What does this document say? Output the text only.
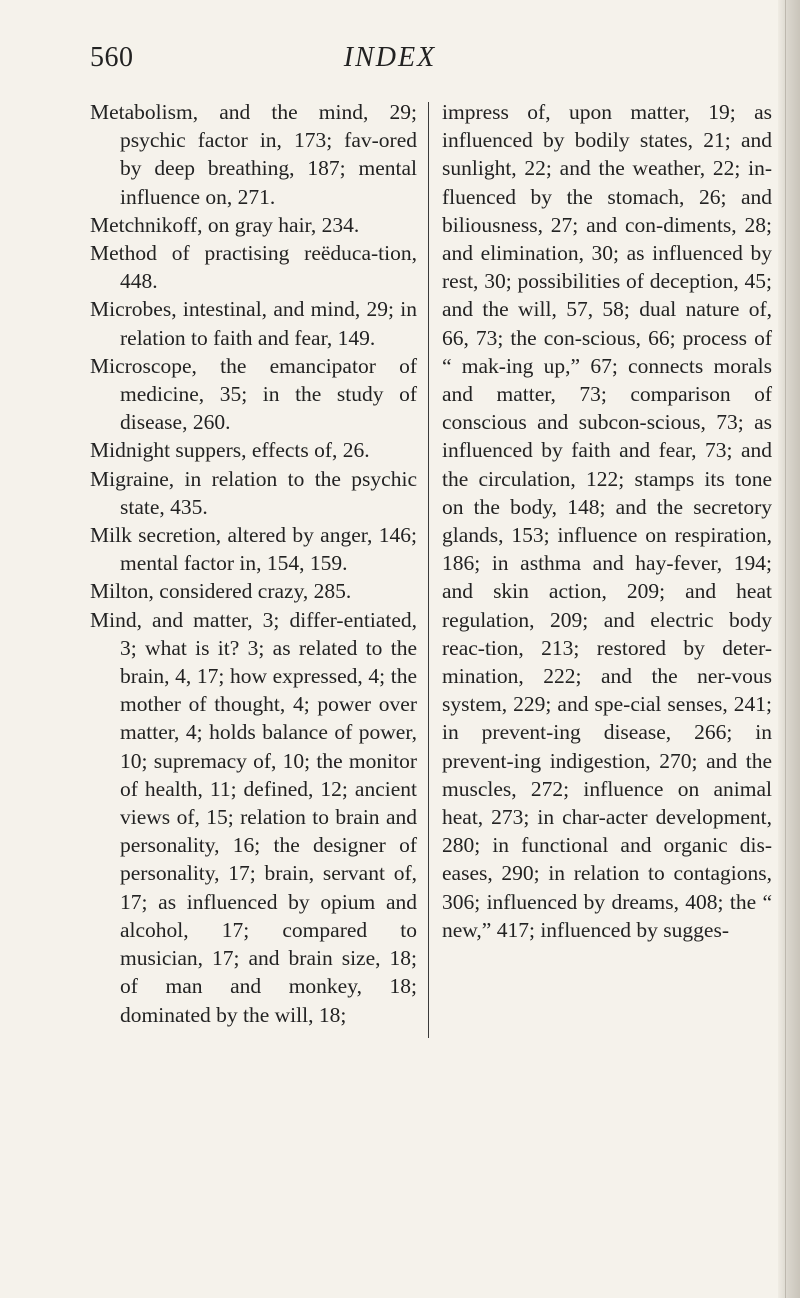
560	INDEX

Metabolism, and the mind, 29; psychic factor in, 173; fav-ored by deep breathing, 187; mental influence on, 271.

Metchnikoff, on gray hair, 234.

Method of practising reëduca-tion, 448.

Microbes, intestinal, and mind, 29; in relation to faith and fear, 149.

Microscope, the emancipator of medicine, 35; in the study of disease, 260.

Midnight suppers, effects of, 26.

Migraine, in relation to the psychic state, 435.

Milk secretion, altered by anger, 146; mental factor in, 154, 159.

Milton, considered crazy, 285.

Mind, and matter, 3; differ-entiated, 3; what is it? 3; as related to the brain, 4, 17; how expressed, 4; the mother of thought, 4; power over matter, 4; holds balance of power, 10; supremacy of, 10; the monitor of health, 11; defined, 12; ancient views of, 15; relation to brain and personality, 16; the designer of personality, 17; brain, servant of, 17; as influenced by opium and alcohol, 17; compared to musician, 17; and brain size, 18; of man and monkey, 18; dominated by the will, 18;

impress of, upon matter, 19; as influenced by bodily states, 21; and sunlight, 22; and the weather, 22; in-fluenced by the stomach, 26; and biliousness, 27; and con-diments, 28; and elimination, 30; as influenced by rest, 30; possibilities of deception, 45; and the will, 57, 58; dual nature of, 66, 73; the con-scious, 66; process of “ mak-ing up,” 67; connects morals and matter, 73; comparison of conscious and subcon-scious, 73; as influenced by faith and fear, 73; and the circulation, 122; stamps its tone on the body, 148; and the secretory glands, 153; influence on respiration, 186; in asthma and hay-fever, 194; and skin action, 209; and heat regulation, 209; and electric body reac-tion, 213; restored by deter-mination, 222; and the ner-vous system, 229; and spe-cial senses, 241; in prevent-ing disease, 266; in prevent-ing indigestion, 270; and the muscles, 272; influence on animal heat, 273; in char-acter development, 280; in functional and organic dis-eases, 290; in relation to contagions, 306; influenced by dreams, 408; the “ new,” 417; influenced by sugges-
